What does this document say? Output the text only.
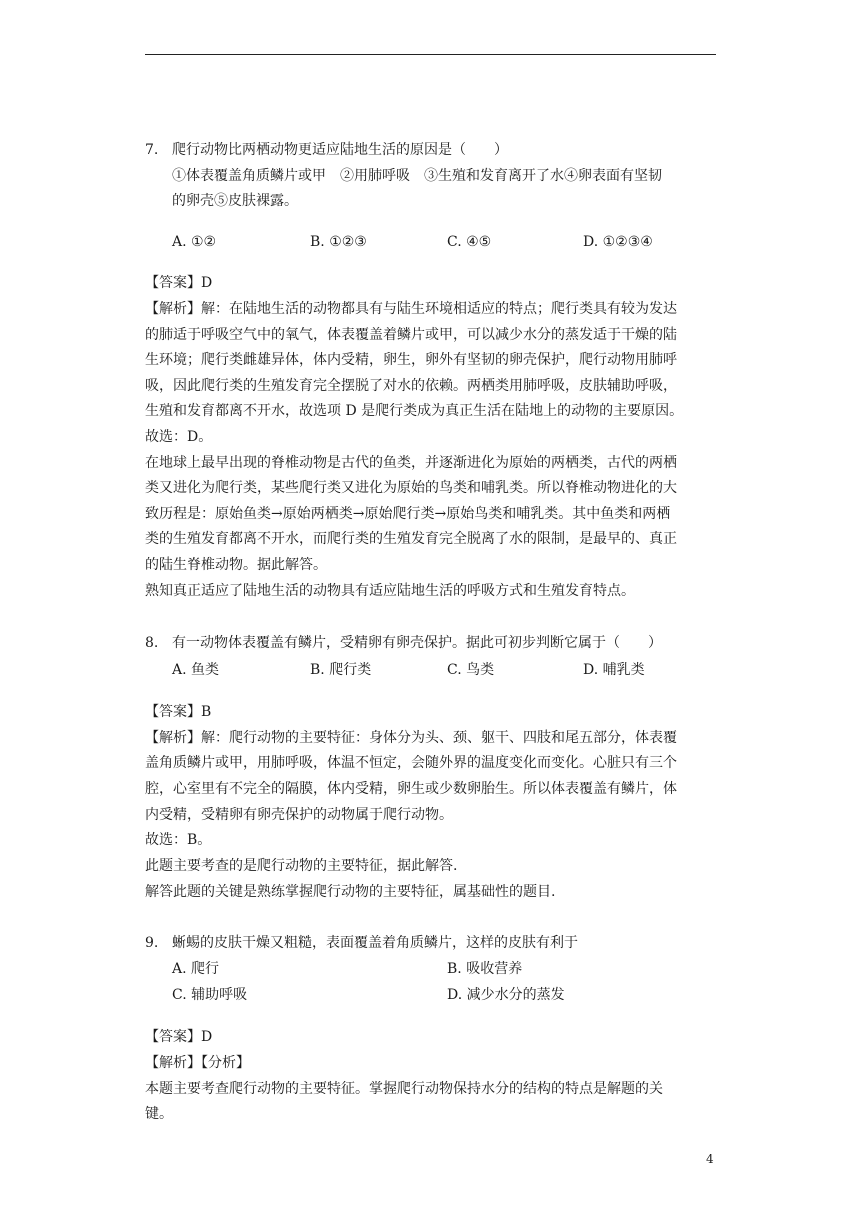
7. 爬行动物比两栖动物更适应陆地生活的原因是（　　）
①体表覆盖角质鳞片或甲　②用肺呼吸　③生殖和发育离开了水④卵表面有坚韧
的卵壳⑤皮肤裸露。
A. ①②	B. ①②③	C. ④⑤	D. ①②③④
【答案】D
【解析】解：在陆地生活的动物都具有与陆生环境相适应的特点；爬行类具有较为发达
的肺适于呼吸空气中的氧气，体表覆盖着鳞片或甲，可以减少水分的蒸发适于干燥的陆
生环境；爬行类雌雄异体，体内受精，卵生，卵外有坚韧的卵壳保护，爬行动物用肺呼
吸，因此爬行类的生殖发育完全摆脱了对水的依赖。两栖类用肺呼吸，皮肤辅助呼吸，
生殖和发育都离不开水，故选项 D 是爬行类成为真正生活在陆地上的动物的主要原因。
故选：D。
在地球上最早出现的脊椎动物是古代的鱼类，并逐渐进化为原始的两栖类，古代的两栖
类又进化为爬行类，某些爬行类又进化为原始的鸟类和哺乳类。所以脊椎动物进化的大
致历程是：原始鱼类→原始两栖类→原始爬行类→原始鸟类和哺乳类。其中鱼类和两栖
类的生殖发育都离不开水，而爬行类的生殖发育完全脱离了水的限制，是最早的、真正
的陆生脊椎动物。据此解答。
熟知真正适应了陆地生活的动物具有适应陆地生活的呼吸方式和生殖发育特点。
8. 有一动物体表覆盖有鳞片，受精卵有卵壳保护。据此可初步判断它属于（　　）
A. 鱼类	B. 爬行类	C. 鸟类	D. 哺乳类
【答案】B
【解析】解：爬行动物的主要特征：身体分为头、颈、躯干、四肢和尾五部分，体表覆
盖角质鳞片或甲，用肺呼吸，体温不恒定，会随外界的温度变化而变化。心脏只有三个
腔，心室里有不完全的隔膜，体内受精，卵生或少数卵胎生。所以体表覆盖有鳞片，体
内受精，受精卵有卵壳保护的动物属于爬行动物。
故选：B。
此题主要考查的是爬行动物的主要特征，据此解答.
解答此题的关键是熟练掌握爬行动物的主要特征，属基础性的题目.
9. 蜥蜴的皮肤干燥又粗糙，表面覆盖着角质鳞片，这样的皮肤有利于
A. 爬行	B. 吸收营养
C. 辅助呼吸	D. 减少水分的蒸发
【答案】D
【解析】【分析】
本题主要考查爬行动物的主要特征。掌握爬行动物保持水分的结构的特点是解题的关
键。
4
